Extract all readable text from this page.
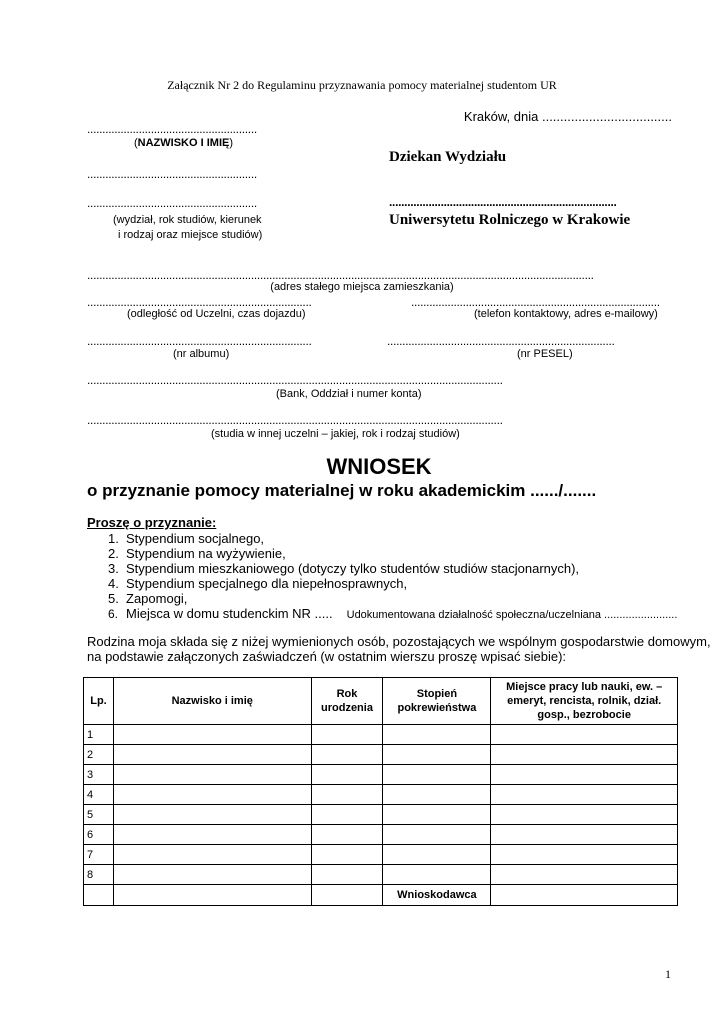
Załącznik Nr 2 do Regulaminu przyznawania pomocy materialnej studentom UR
Kraków, dnia ....................................
........................................................
(NAZWISKO I IMIĘ)
........................................................
........................................................
(wydział, rok studiów, kierunek
i rodzaj oraz miejsce studiów)
Dziekan Wydziału
...........................................................................
Uniwersytetu Rolniczego w Krakowie
.......................................................................................................................................................................
(adres stałego miejsca zamieszkania)
..........................................................................	..................................................................................
(odległość od Uczelni, czas dojazdu)	(telefon kontaktowy, adres e-mailowy)
..........................................................................	...........................................................................
(nr albumu)	(nr PESEL)
.........................................................................................................................................
(Bank, Oddział i numer konta)
.........................................................................................................................................
(studia w innej uczelni – jakiej, rok i rodzaj studiów)
WNIOSEK
o przyznanie pomocy materialnej w roku akademickim ....../.......
Proszę o przyznanie:
1. Stypendium socjalnego,
2. Stypendium na wyżywienie,
3. Stypendium mieszkaniowego (dotyczy tylko studentów studiów stacjonarnych),
4. Stypendium specjalnego dla niepełnosprawnych,
5. Zapomogi,
6. Miejsca w domu studenckim NR ..... Udokumentowana działalność społeczna/uczelniana ........................
Rodzina moja składa się z niżej wymienionych osób, pozostających we wspólnym gospodarstwie domowym,
na podstawie załączonych zaświadczeń (w ostatnim wierszu proszę wpisać siebie):
Lp.	Nazwisko i imię	Rok urodzenia	Stopień pokrewieństwa	Miejsce pracy lub nauki, ew. – emeryt, rencista, rolnik, dział. gosp., bezrobocie
1				
2				
3				
4				
5				
6				
7				
8				
			Wnioskodawca	
1
